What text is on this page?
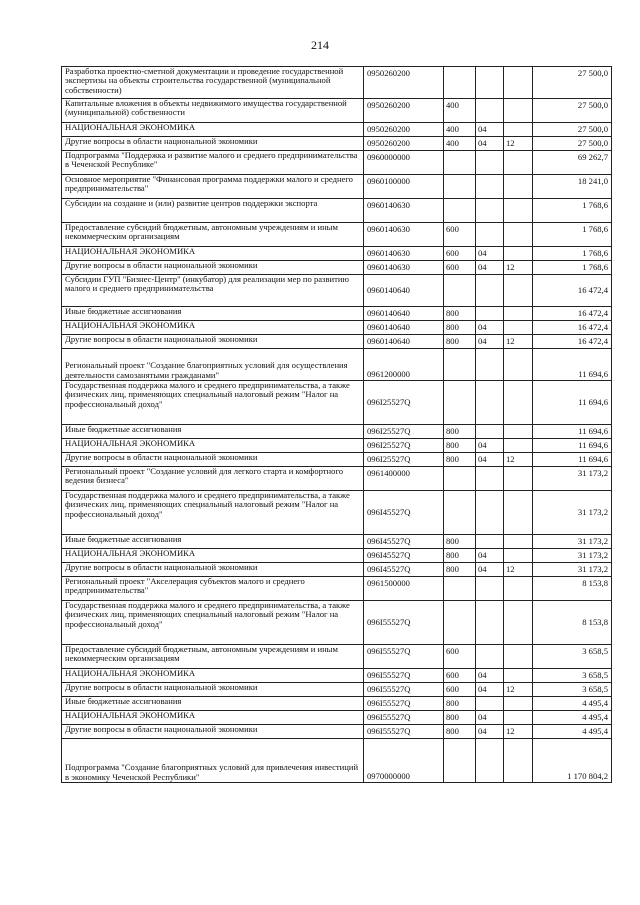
214
Разработка проектно-сметной документации и проведение государственной экспертизы на объекты строительства государственной (муниципальной собственности)	0950260200				27 500,0
Капитальные вложения в объекты недвижимого имущества государственной (муниципальной) собственности	0950260200	400			27 500,0
НАЦИОНАЛЬНАЯ ЭКОНОМИКА	0950260200	400	04		27 500,0
Другие вопросы в области национальной экономики	0950260200	400	04	12	27 500,0
Подпрограмма "Поддержка и развитие малого и среднего предпринимательства в Чеченской Республике"	0960000000				69 262,7
Основное мероприятие "Финансовая программа поддержки малого и среднего предпринимательства"	0960100000				18 241,0
Субсидии на создание и (или) развитие центров поддержки экспорта	0960140630				1 768,6
Предоставление субсидий бюджетным, автономным учреждениям и иным некоммерческим организациям	0960140630	600			1 768,6
НАЦИОНАЛЬНАЯ ЭКОНОМИКА	0960140630	600	04		1 768,6
Другие вопросы в области национальной экономики	0960140630	600	04	12	1 768,6
Субсидии ГУП "Бизнес-Центр" (инкубатор) для реализации мер по развитию малого и среднего предпринимательства	0960140640				16 472,4
Иные бюджетные ассигнования	0960140640	800			16 472,4
НАЦИОНАЛЬНАЯ ЭКОНОМИКА	0960140640	800	04		16 472,4
Другие вопросы в области национальной экономики	0960140640	800	04	12	16 472,4
Региональный проект "Создание благоприятных условий для осуществления деятельности самозанятыми гражданами"	0961200000				11 694,6
Государственная поддержка малого и среднего предпринимательства, а также физических лиц, применяющих специальный налоговый режим "Налог на профессиональный доход"	096I25527Q				11 694,6
Иные бюджетные ассигнования	096I25527Q	800			11 694,6
НАЦИОНАЛЬНАЯ ЭКОНОМИКА	096I25527Q	800	04		11 694,6
Другие вопросы в области национальной экономики	096I25527Q	800	04	12	11 694,6
Региональный проект "Создание условий для легкого старта и комфортного ведения бизнеса"	0961400000				31 173,2
Государственная поддержка малого и среднего предпринимательства, а также физических лиц, применяющих специальный налоговый режим "Налог на профессиональный доход"	096I45527Q				31 173,2
Иные бюджетные ассигнования	096I45527Q	800			31 173,2
НАЦИОНАЛЬНАЯ ЭКОНОМИКА	096I45527Q	800	04		31 173,2
Другие вопросы в области национальной экономики	096I45527Q	800	04	12	31 173,2
Региональный проект "Акселерация субъектов малого и среднего предпринимательства"	0961500000				8 153,8
Государственная поддержка малого и среднего предпринимательства, а также физических лиц, применяющих специальный налоговый режим "Налог на профессиональный доход"	096I55527Q				8 153,8
Предоставление субсидий бюджетным, автономным учреждениям и иным некоммерческим организациям	096I55527Q	600			3 658,5
НАЦИОНАЛЬНАЯ ЭКОНОМИКА	096I55527Q	600	04		3 658,5
Другие вопросы в области национальной экономики	096I55527Q	600	04	12	3 658,5
Иные бюджетные ассигнования	096I55527Q	800			4 495,4
НАЦИОНАЛЬНАЯ ЭКОНОМИКА	096I55527Q	800	04		4 495,4
Другие вопросы в области национальной экономики	096I55527Q	800	04	12	4 495,4
Подпрограмма "Создание благоприятных условий для привлечения инвестиций в экономику Чеченской Республики"	0970000000				1 170 804,2
